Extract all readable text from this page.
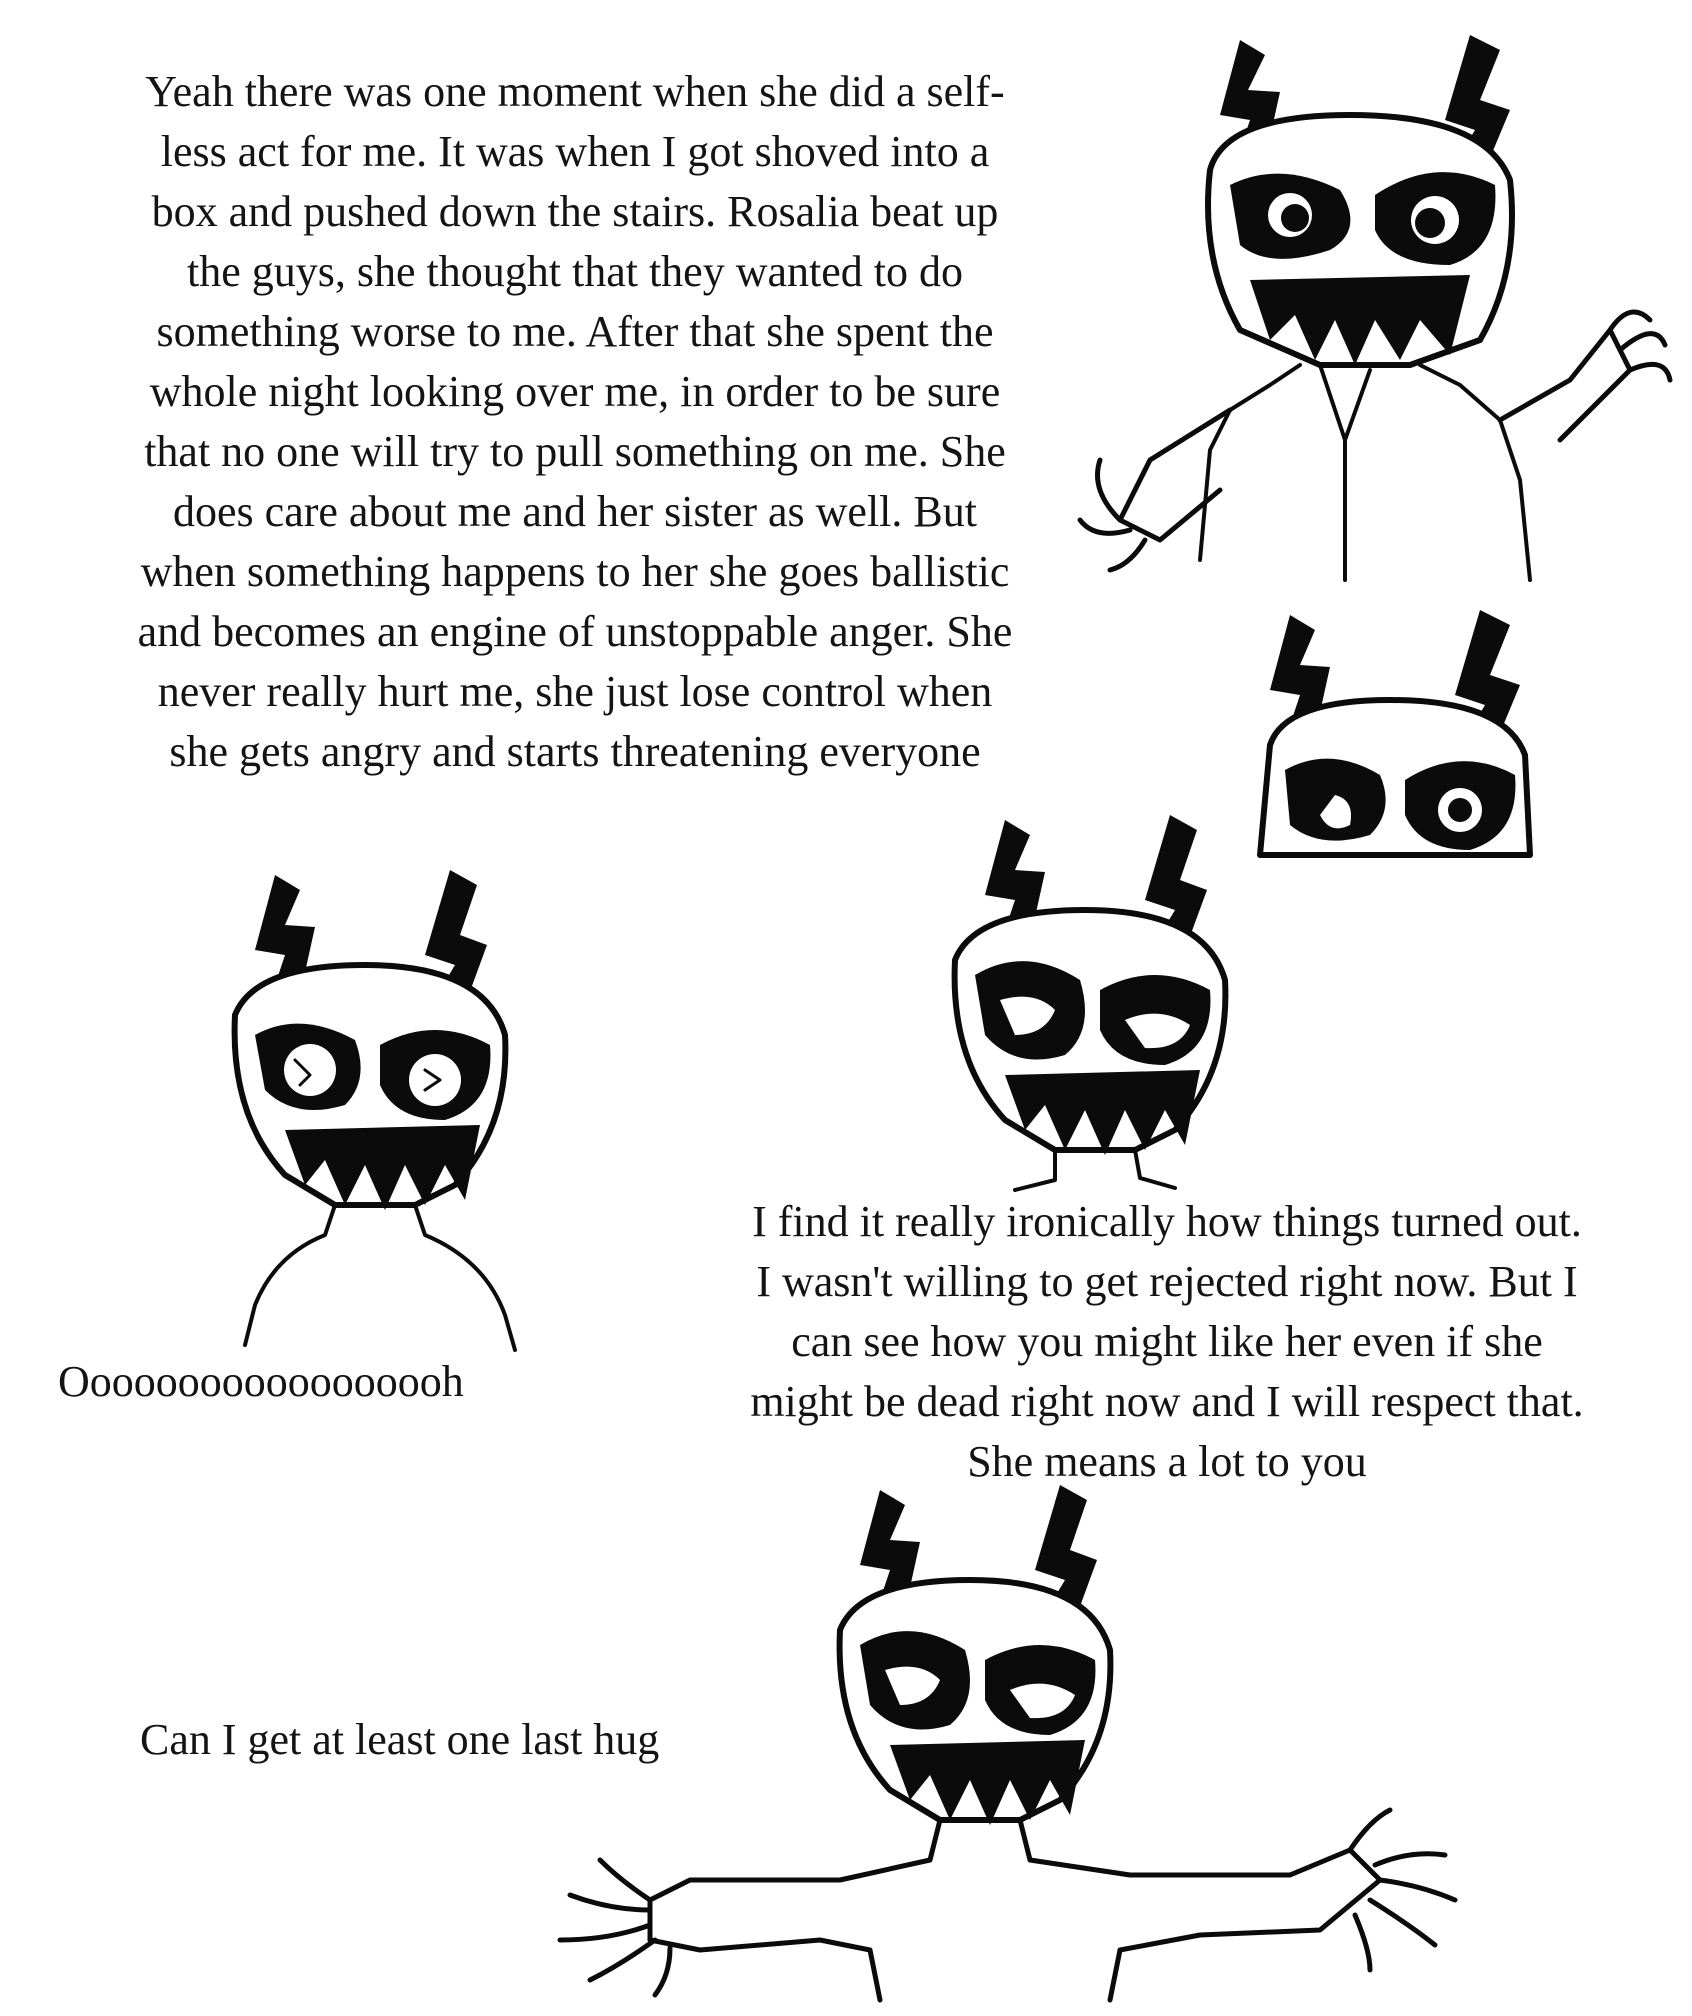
Yeah there was one moment when she did a self-
less act for me. It was when I got shoved into a
box and pushed down the stairs. Rosalia beat up
the guys, she thought that they wanted to do
something worse to me. After that she spent the
whole night looking over me, in order to be sure
that no one will try to pull something on me. She
does care about me and her sister as well. But
when something happens to her she goes ballistic
and becomes an engine of unstoppable anger. She
never really hurt me, she just lose control when
she gets angry and starts threatening everyone
Oooooooooooooooooh
I find it really ironically how things turned out.
I wasn't willing to get rejected right now. But I
can see how you might like her even if she
might be dead right now and I will respect that.
She means a lot to you
Can I get at least one last hug
